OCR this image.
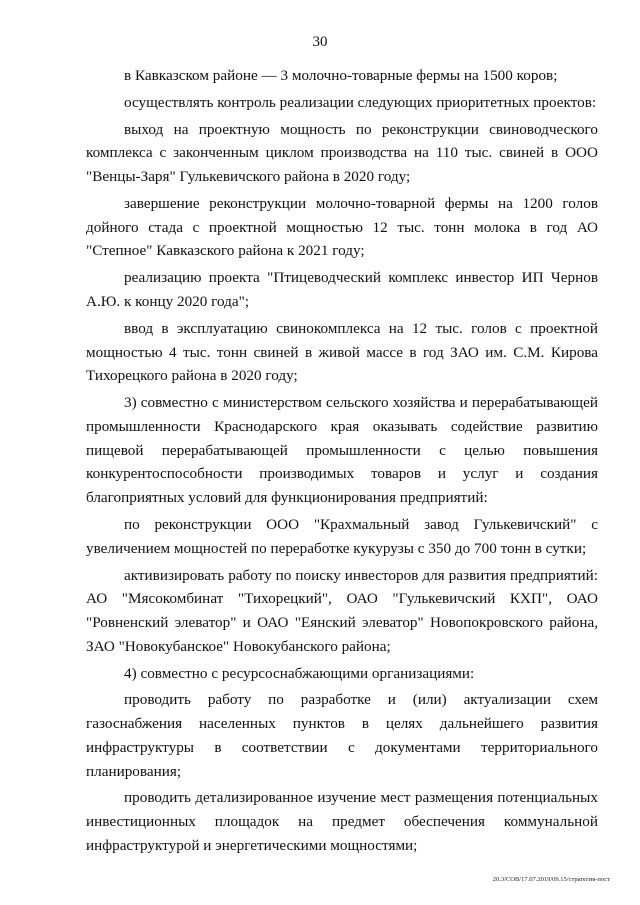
30

в Кавказском районе — 3 молочно-товарные фермы на 1500 коров;

осуществлять контроль реализации следующих приоритетных проектов:

выход на проектную мощность по реконструкции свиноводческого комплекса с законченным циклом производства на 110 тыс. свиней в ООО "Венцы-Заря" Гулькевичского района в 2020 году;

завершение реконструкции молочно-товарной фермы на 1200 голов дойного стада с проектной мощностью 12 тыс. тонн молока в год АО "Степное" Кавказского района к 2021 году;

реализацию проекта "Птицеводческий комплекс инвестор ИП Чернов А.Ю. к концу 2020 года";

ввод в эксплуатацию свинокомплекса на 12 тыс. голов с проектной мощностью 4 тыс. тонн свиней в живой массе в год ЗАО им. С.М. Кирова Тихорецкого района в 2020 году;

3) совместно с министерством сельского хозяйства и перерабатывающей промышленности Краснодарского края оказывать содействие развитию пищевой перерабатывающей промышленности с целью повышения конкурентоспособности производимых товаров и услуг и создания благоприятных условий для функционирования предприятий:

по реконструкции ООО "Крахмальный завод Гулькевичский" с увеличением мощностей по переработке кукурузы с 350 до 700 тонн в сутки;

активизировать работу по поиску инвесторов для развития предприятий: АО "Мясокомбинат "Тихорецкий", ОАО "Гулькевичский КХП", ОАО "Ровненский элеватор" и ОАО "Еянский элеватор" Новопокровского района, ЗАО "Новокубанское" Новокубанского района;

4) совместно с ресурсоснабжающими организациями:

проводить работу по разработке и (или) актуализации схем газоснабжения населенных пунктов в целях дальнейшего развития инфраструктуры в соответствии с документами территориального планирования;

проводить детализированное изучение мест размещения потенциальных инвестиционных площадок на предмет обеспечения коммунальной инфраструктурой и энергетическими мощностями;

20.3/COB/17.07.2019/09.15/стратегия-пост
